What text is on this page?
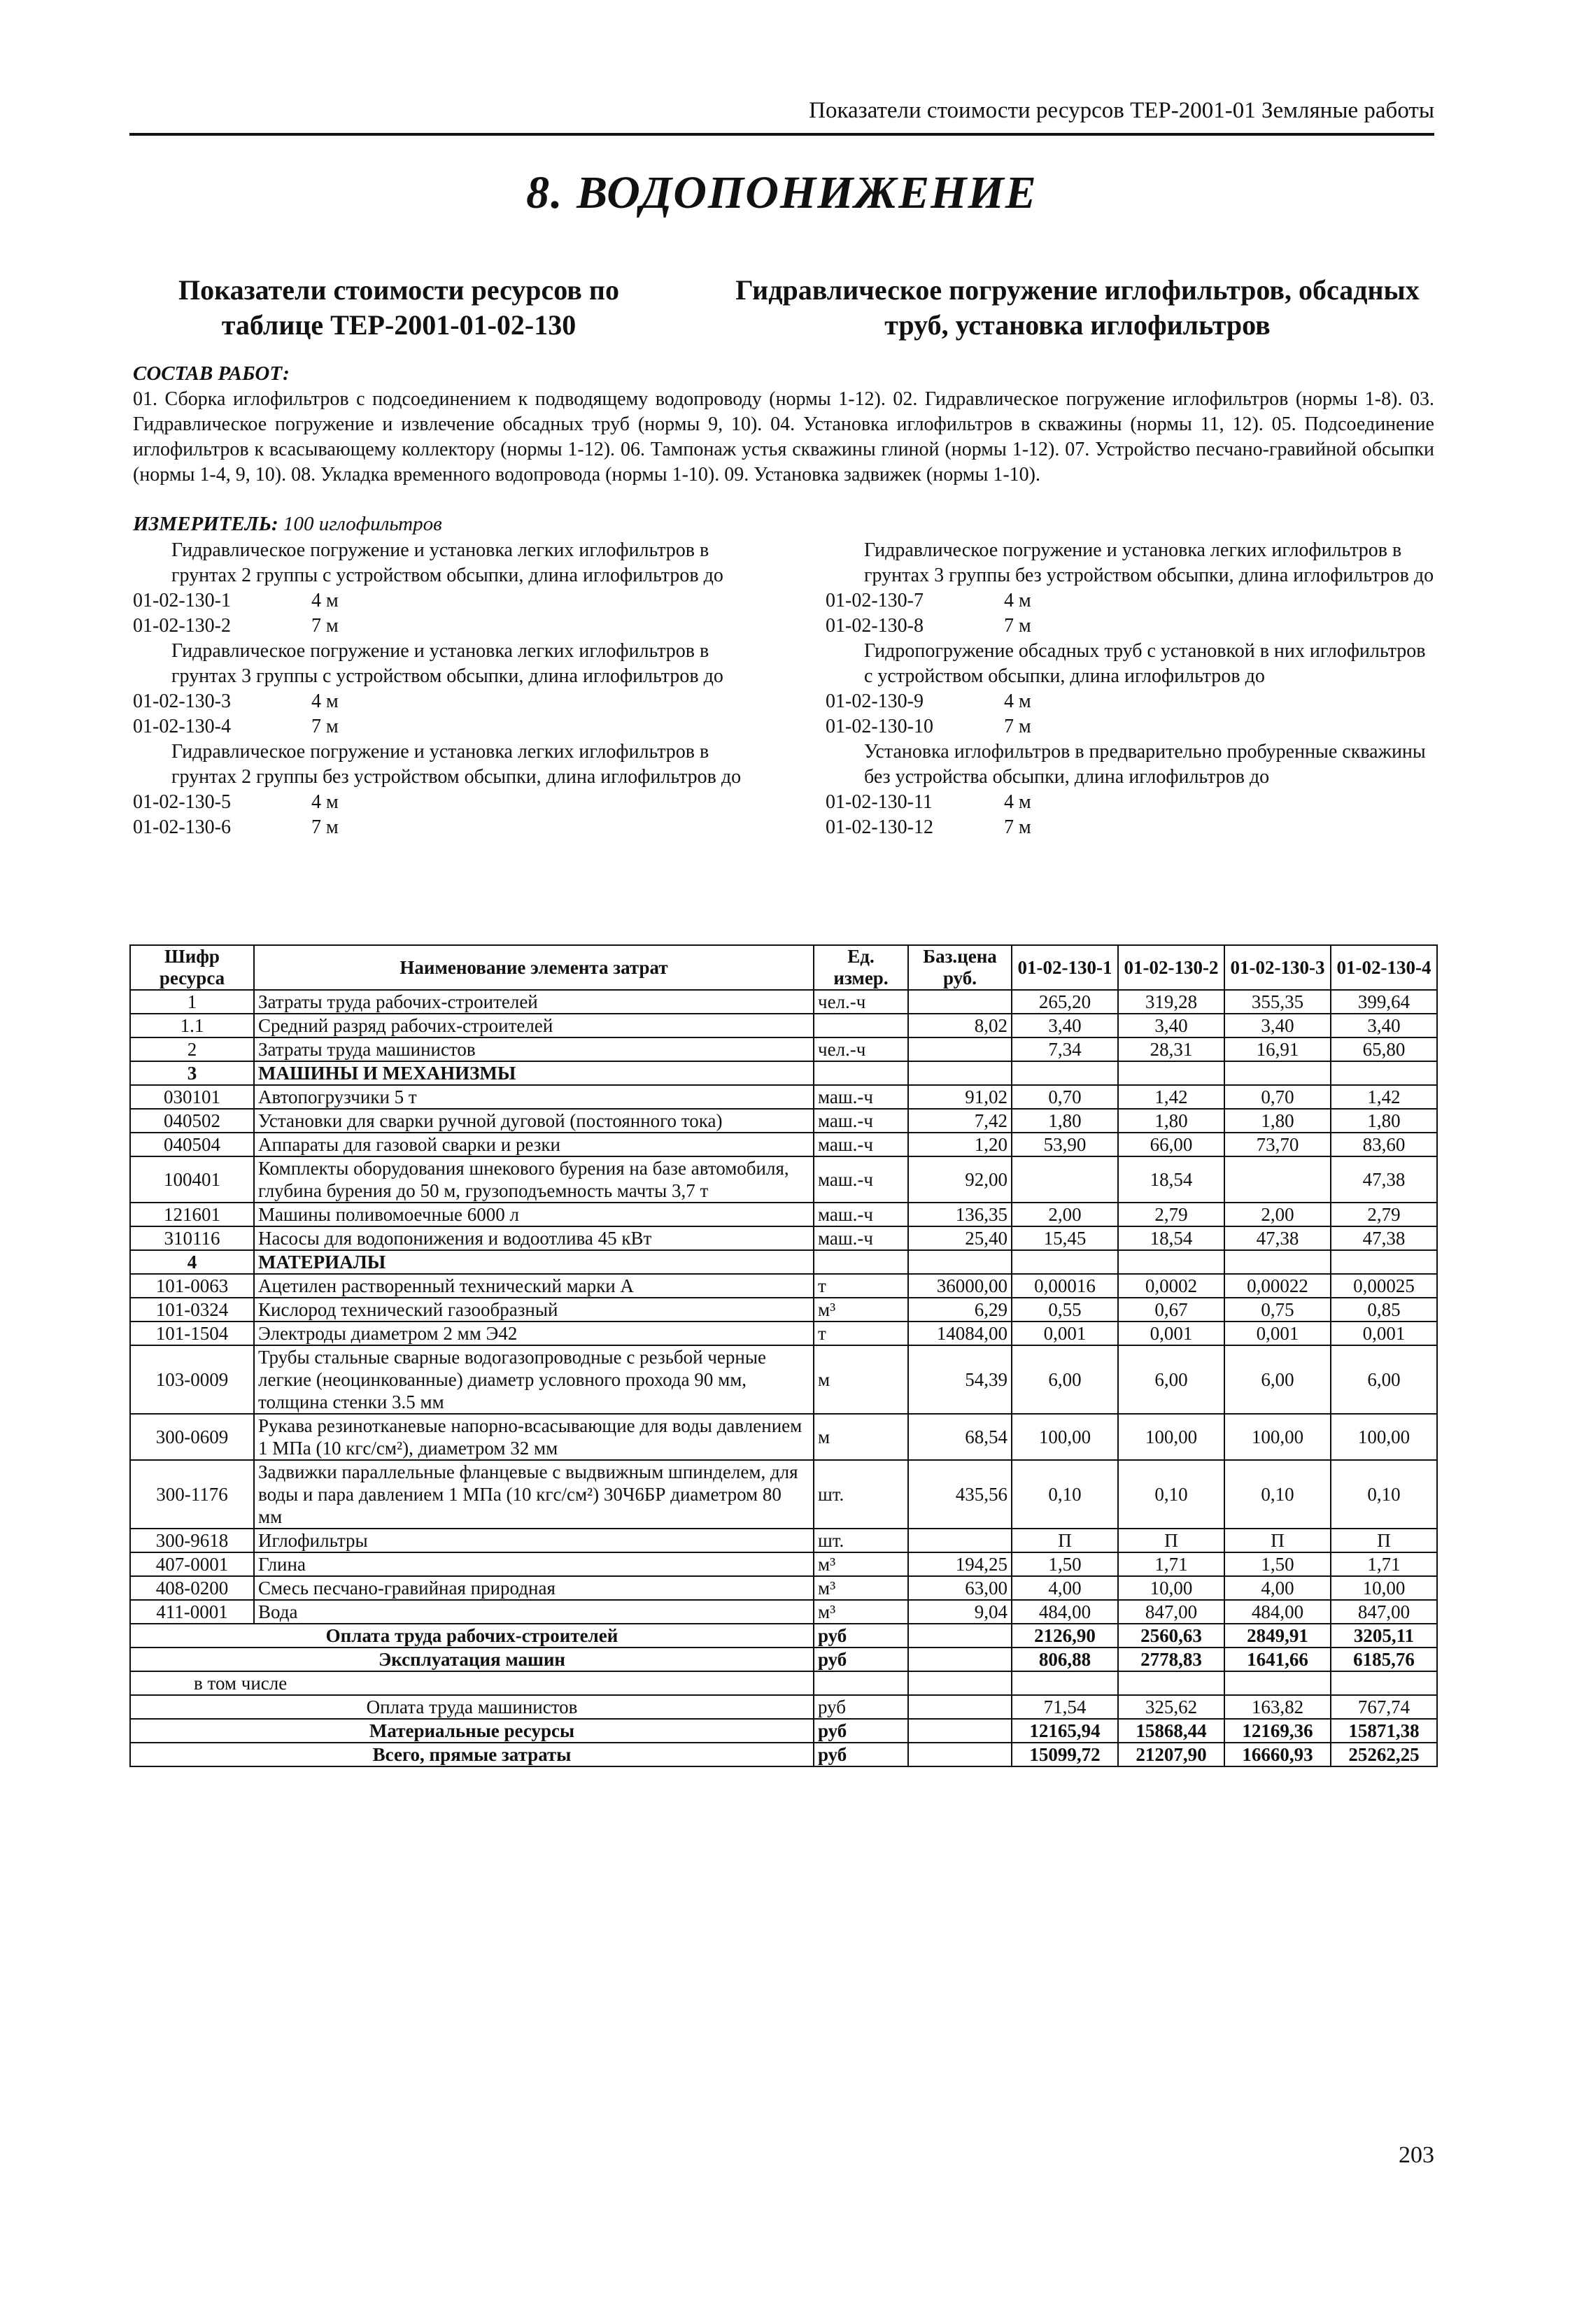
Показатели стоимости ресурсов ТЕР-2001-01 Земляные работы
8. ВОДОПОНИЖЕНИЕ
Показатели стоимости ресурсов по таблице ТЕР-2001-01-02-130
Гидравлическое погружение иглофильтров, обсадных труб, установка иглофильтров
СОСТАВ РАБОТ:
01. Сборка иглофильтров с подсоединением к подводящему водопроводу (нормы 1-12). 02. Гидравлическое погружение иглофильтров (нормы 1-8). 03. Гидравлическое погружение и извлечение обсадных труб (нормы 9, 10). 04. Установка иглофильтров в скважины (нормы 11, 12). 05. Подсоединение иглофильтров к всасывающему коллектору (нормы 1-12). 06. Тампонаж устья скважины глиной (нормы 1-12). 07. Устройство песчано-гравийной обсыпки (нормы 1-4, 9, 10). 08. Укладка временного водопровода (нормы 1-10). 09. Установка задвижек (нормы 1-10).
ИЗМЕРИТЕЛЬ: 100 иглофильтров
Гидравлическое погружение и установка легких иглофильтров в грунтах 2 группы с устройством обсыпки, длина иглофильтров до
01-02-130-1	4 м
01-02-130-2	7 м
Гидравлическое погружение и установка легких иглофильтров в грунтах 3 группы с устройством обсыпки, длина иглофильтров до
01-02-130-3	4 м
01-02-130-4	7 м
Гидравлическое погружение и установка легких иглофильтров в грунтах 2 группы без устройством обсыпки, длина иглофильтров до
01-02-130-5	4 м
01-02-130-6	7 м
Гидравлическое погружение и установка легких иглофильтров в грунтах 3 группы без устройством обсыпки, длина иглофильтров до
01-02-130-7	4 м
01-02-130-8	7 м
Гидропогружение обсадных труб с установкой в них иглофильтров с устройством обсыпки, длина иглофильтров до
01-02-130-9	4 м
01-02-130-10	7 м
Установка иглофильтров в предварительно пробуренные скважины без устройства обсыпки, длина иглофильтров до
01-02-130-11	4 м
01-02-130-12	7 м
Шифр ресурса	Наименование элемента затрат	Ед. измер.	Баз.цена руб.	01-02-130-1	01-02-130-2	01-02-130-3	01-02-130-4
1	Затраты труда рабочих-строителей	чел.-ч		265,20	319,28	355,35	399,64
1.1	Средний разряд рабочих-строителей		8,02	3,40	3,40	3,40	3,40
2	Затраты труда машинистов	чел.-ч		7,34	28,31	16,91	65,80
3	МАШИНЫ И МЕХАНИЗМЫ						
030101	Автопогрузчики 5 т	маш.-ч	91,02	0,70	1,42	0,70	1,42
040502	Установки для сварки ручной дуговой (постоянного тока)	маш.-ч	7,42	1,80	1,80	1,80	1,80
040504	Аппараты для газовой сварки и резки	маш.-ч	1,20	53,90	66,00	73,70	83,60
100401	Комплекты оборудования шнекового бурения на базе автомобиля, глубина бурения до 50 м, грузоподъемность мачты 3,7 т	маш.-ч	92,00		18,54		47,38
121601	Машины поливомоечные 6000 л	маш.-ч	136,35	2,00	2,79	2,00	2,79
310116	Насосы для водопонижения и водоотлива 45 кВт	маш.-ч	25,40	15,45	18,54	47,38	47,38
4	МАТЕРИАЛЫ						
101-0063	Ацетилен растворенный технический марки А	т	36000,00	0,00016	0,0002	0,00022	0,00025
101-0324	Кислород технический газообразный	м³	6,29	0,55	0,67	0,75	0,85
101-1504	Электроды диаметром 2 мм Э42	т	14084,00	0,001	0,001	0,001	0,001
103-0009	Трубы стальные сварные водогазопроводные с резьбой черные легкие (неоцинкованные) диаметр условного прохода 90 мм, толщина стенки 3.5 мм	м	54,39	6,00	6,00	6,00	6,00
300-0609	Рукава резинотканевые напорно-всасывающие для воды давлением 1 МПа (10 кгс/см²), диаметром 32 мм	м	68,54	100,00	100,00	100,00	100,00
300-1176	Задвижки параллельные фланцевые с выдвижным шпинделем, для воды и пара давлением 1 МПа (10 кгс/см²) 30Ч6БР диаметром 80 мм	шт.	435,56	0,10	0,10	0,10	0,10
300-9618	Иглофильтры	шт.		П	П	П	П
407-0001	Глина	м³	194,25	1,50	1,71	1,50	1,71
408-0200	Смесь песчано-гравийная природная	м³	63,00	4,00	10,00	4,00	10,00
411-0001	Вода	м³	9,04	484,00	847,00	484,00	847,00
Оплата труда рабочих-строителей		руб		2126,90	2560,63	2849,91	3205,11
Эксплуатация машин		руб		806,88	2778,83	1641,66	6185,76
в том числе							
Оплата труда машинистов		руб		71,54	325,62	163,82	767,74
Материальные ресурсы		руб		12165,94	15868,44	12169,36	15871,38
Всего, прямые затраты		руб		15099,72	21207,90	16660,93	25262,25
203
